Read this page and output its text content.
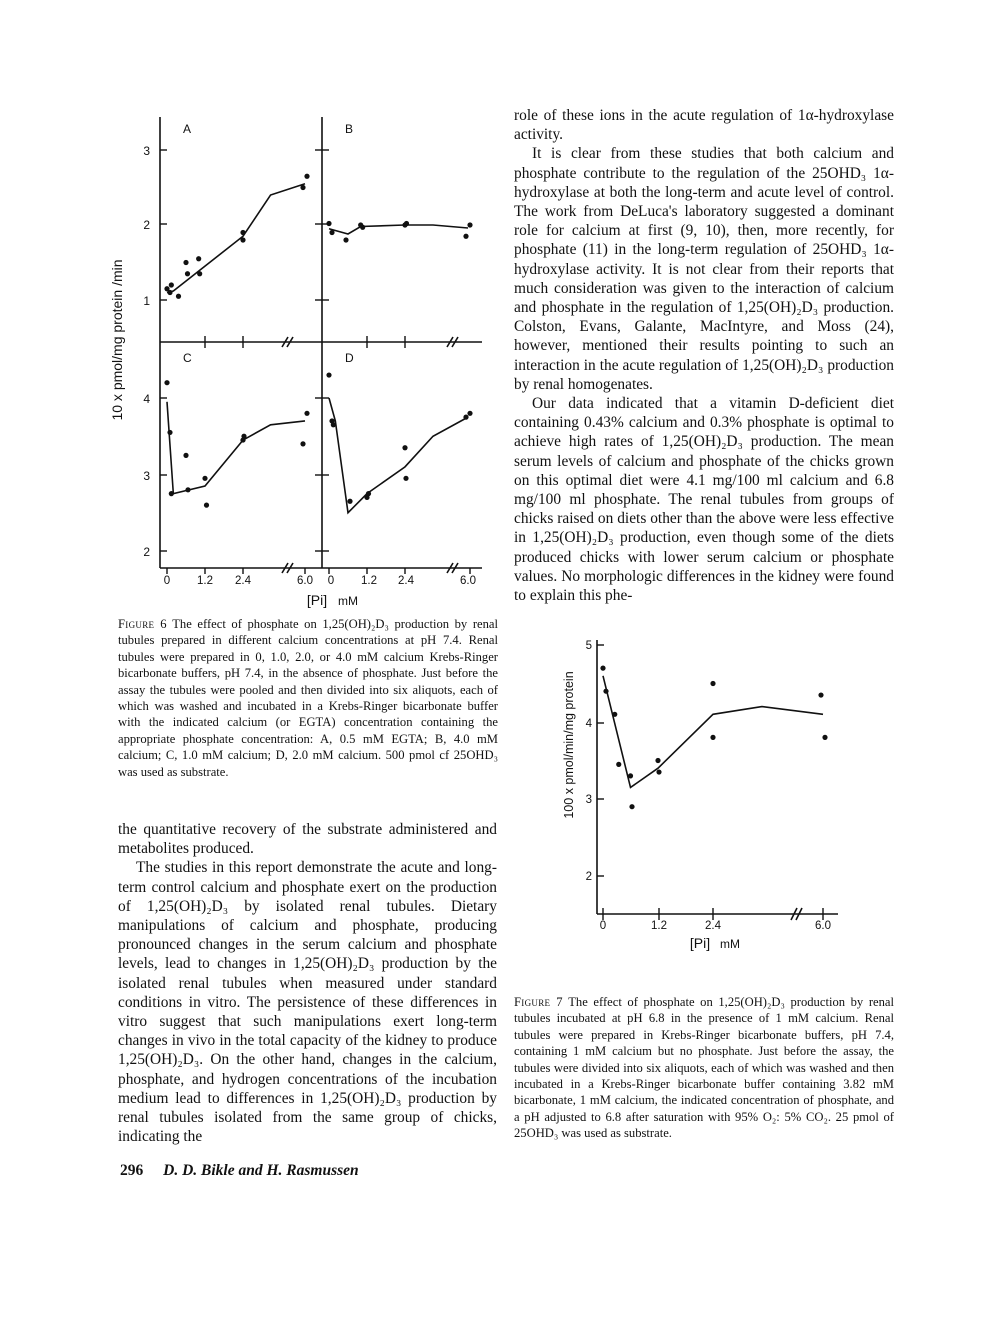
10 x pmol/mg protein /min
3
2
1
4
3
2
0 1.2 2.4	6.0 0 1.2 2.4	6.0
[Pi] mM
A	B
C	D

Figure 6 The effect of phosphate on 1,25(OH)₂D₃ production by renal tubules prepared in different calcium concentrations at pH 7.4. Renal tubules were prepared in 0, 1.0, 2.0, or 4.0 mM calcium Krebs-Ringer bicarbonate buffers, pH 7.4, in the absence of phosphate. Just before the assay the tubules were pooled and then divided into six aliquots, each of which was washed and incubated in a Krebs-Ringer bicarbonate buffer with the indicated calcium (or EGTA) concentration containing the appropriate phosphate concentration: A, 0.5 mM EGTA; B, 4.0 mM calcium; C, 1.0 mM calcium; D, 2.0 mM calcium. 500 pmol cf 25OHD₃ was used as substrate.

the quantitative recovery of the substrate administered and metabolites produced.

The studies in this report demonstrate the acute and long-term control calcium and phosphate exert on the production of 1,25(OH)₂D₃ by isolated renal tubules. Dietary manipulations of calcium and phosphate, producing pronounced changes in the serum calcium and phosphate levels, lead to changes in 1,25(OH)₂D₃ production by the isolated renal tubules when measured under standard conditions in vitro. The persistence of these differences in vitro suggest that such manipulations exert long-term changes in vivo in the total capacity of the kidney to produce 1,25(OH)₂D₃. On the other hand, changes in the calcium, phosphate, and hydrogen concentrations of the incubation medium lead to differences in 1,25(OH)₂D₃ production by renal tubules isolated from the same group of chicks, indicating the

role of these ions in the acute regulation of 1α-hydroxylase activity.

It is clear from these studies that both calcium and phosphate contribute to the regulation of the 25OHD₃ 1α-hydroxylase at both the long-term and acute level of control. The work from DeLuca's laboratory suggested a dominant role for calcium at first (9, 10), then, more recently, for phosphate (11) in the long-term regulation of 25OHD₃ 1α-hydroxylase activity. It is not clear from their reports that much consideration was given to the interaction of calcium and phosphate in the regulation of 1,25(OH)₂D₃ production. Colston, Evans, Galante, MacIntyre, and Moss (24), however, mentioned their results pointing to such an interaction in the acute regulation of 1,25(OH)₂D₃ production by renal homogenates.

Our data indicated that a vitamin D-deficient diet containing 0.43% calcium and 0.3% phosphate is optimal to achieve high rates of 1,25(OH)₂D₃ production. The mean serum levels of calcium and phosphate of the chicks grown on this optimal diet were 4.1 mg/100 ml calcium and 6.8 mg/100 ml phosphate. The renal tubules from groups of chicks raised on diets other than the above were less effective in 1,25(OH)₂D₃ production, even though some of the diets produced chicks with lower serum calcium or phosphate values. No morphologic differences in the kidney were found to explain this phe-

100 x pmol/min/mg protein
5
4
3
2
0	1.2	2.4	6.0
[Pi] mM

Figure 7 The effect of phosphate on 1,25(OH)₂D₃ production by renal tubules incubated at pH 6.8 in the presence of 1 mM calcium. Renal tubules were prepared in Krebs-Ringer bicarbonate buffers, pH 7.4, containing 1 mM calcium but no phosphate. Just before the assay, the tubules were divided into six aliquots, each of which was washed and then incubated in a Krebs-Ringer bicarbonate buffer containing 3.82 mM bicarbonate, 1 mM calcium, the indicated concentration of phosphate, and a pH adjusted to 6.8 after saturation with 95% O₂: 5% CO₂. 25 pmol of 25OHD₃ was used as substrate.

296 D. D. Bikle and H. Rasmussen
